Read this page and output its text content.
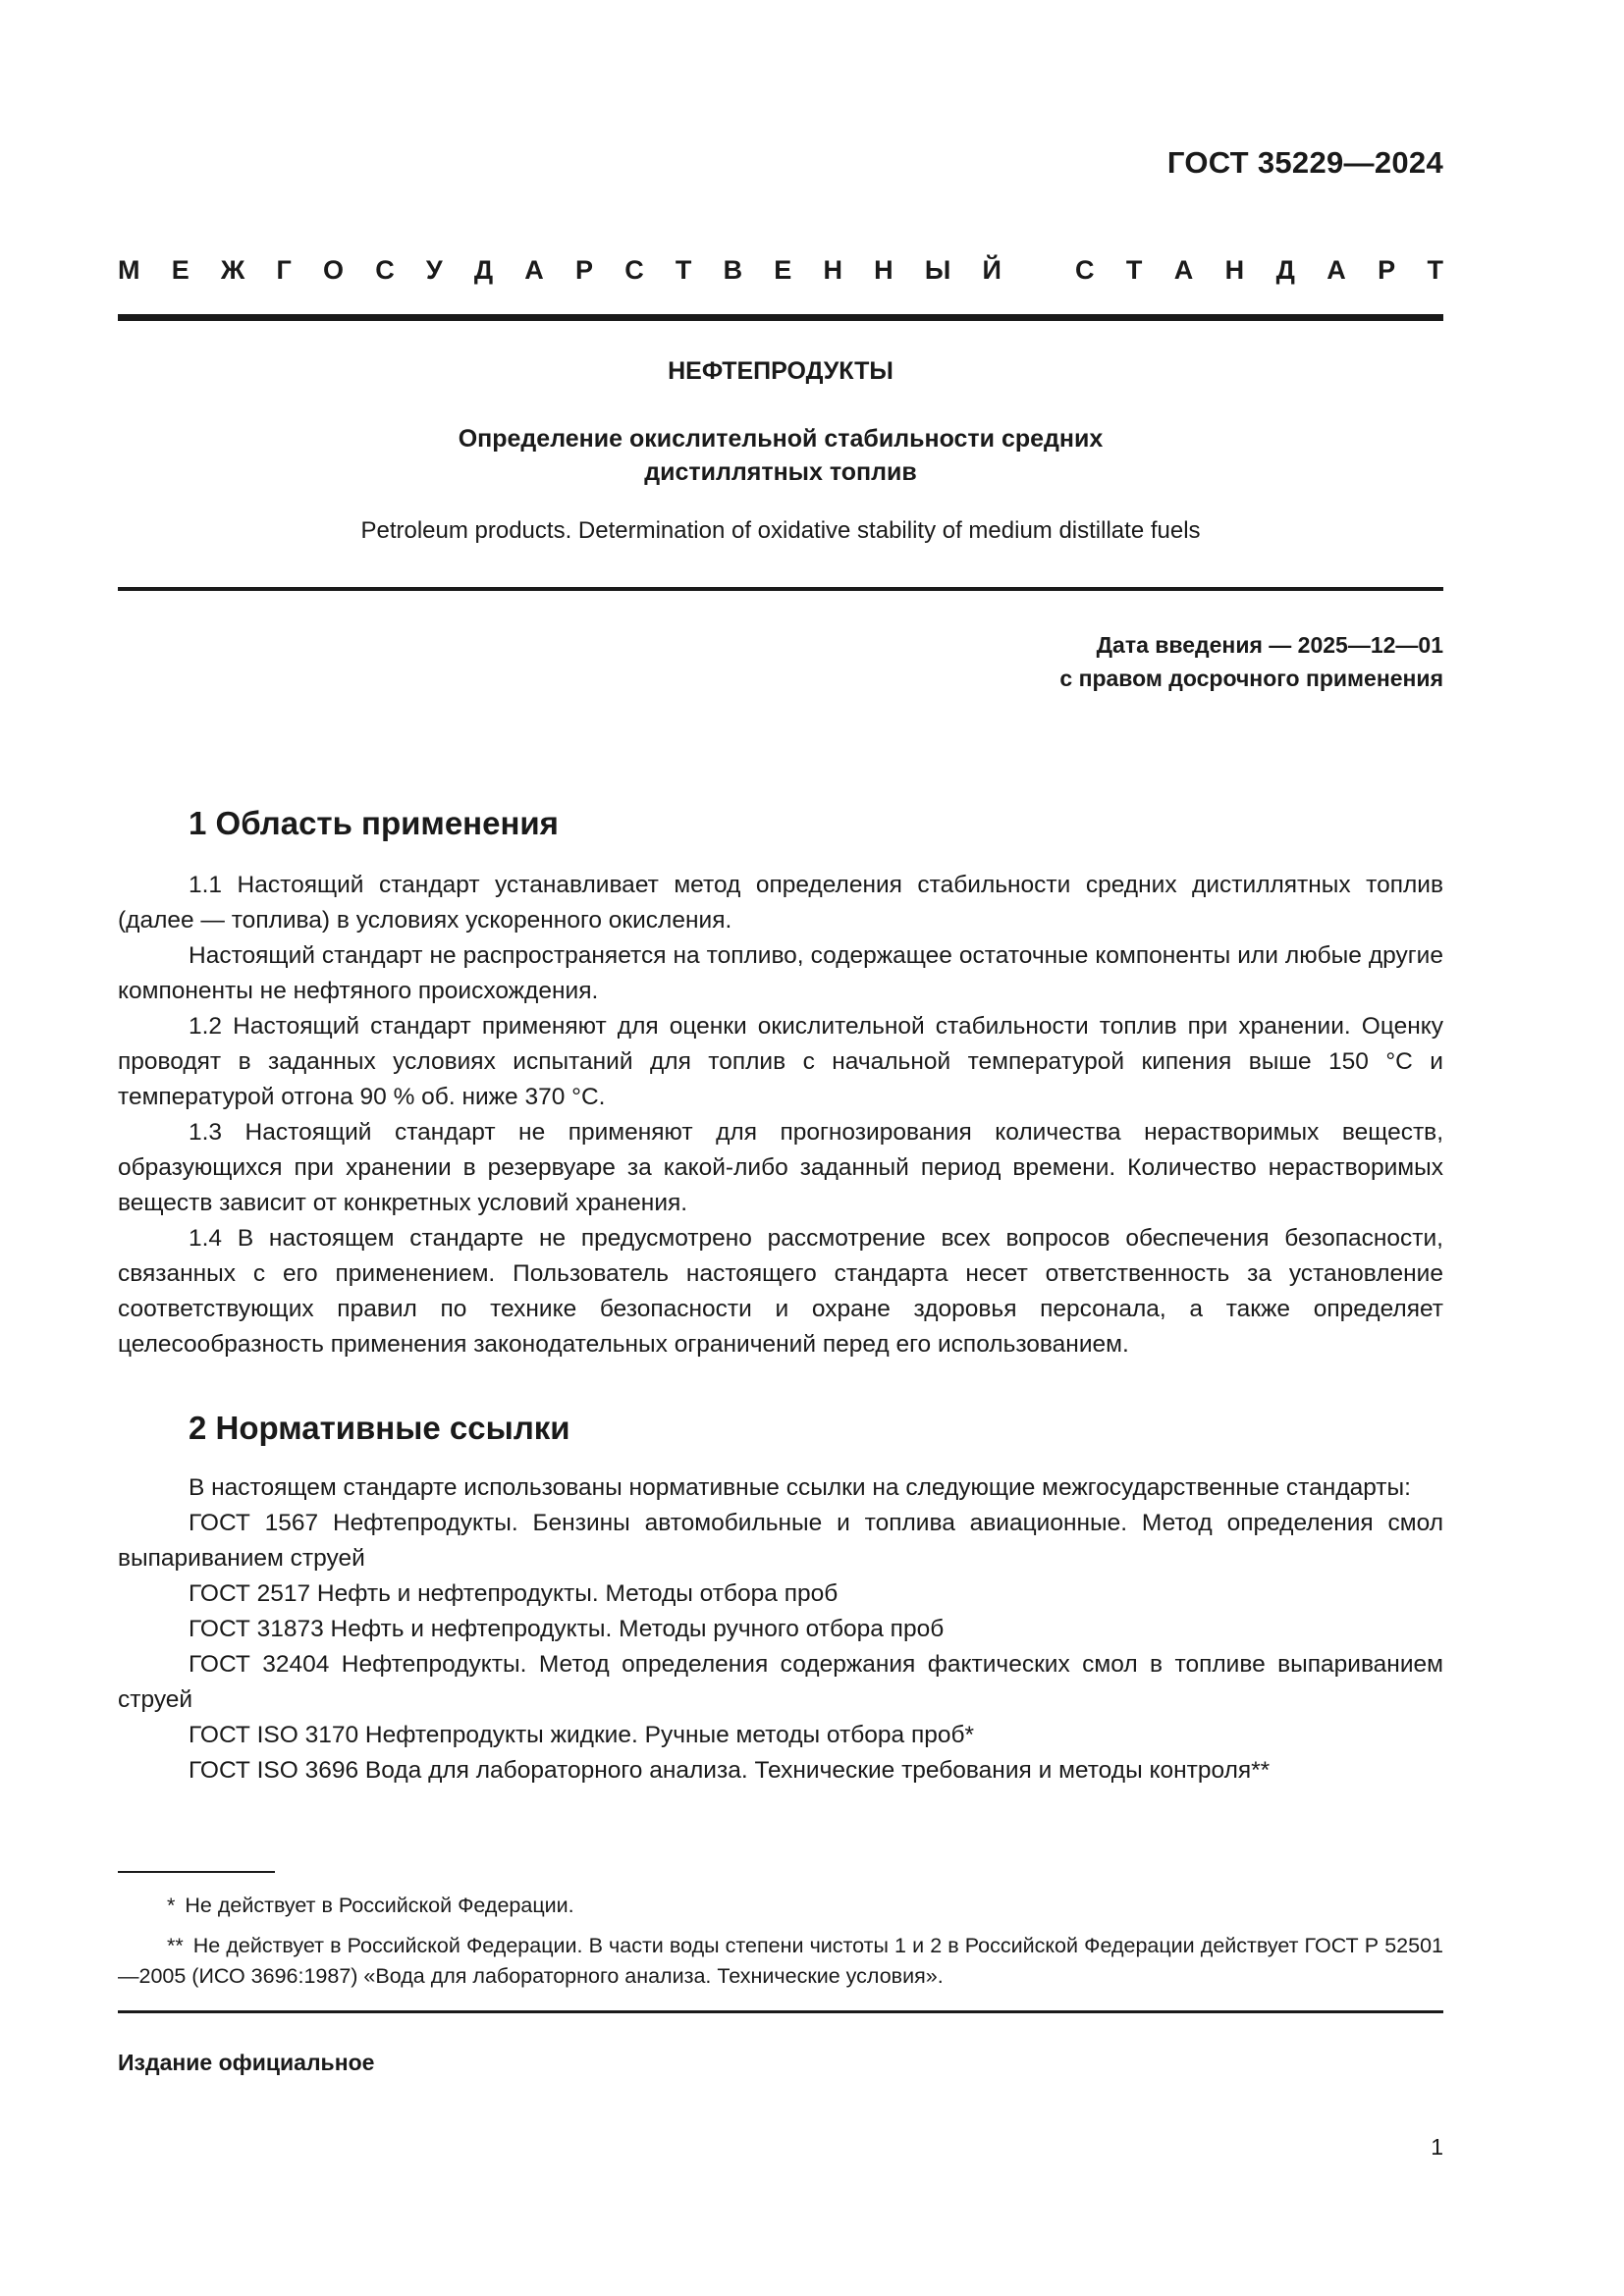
ГОСТ 35229—2024
М Е Ж Г О С У Д А Р С Т В Е Н Н Ы Й	С Т А Н Д А Р Т
НЕФТЕПРОДУКТЫ
Определение окислительной стабильности средних
дистиллятных топлив
Petroleum products. Determination of oxidative stability of medium distillate fuels
Дата введения — 2025—12—01
с правом досрочного применения
1 Область применения

1.1 Настоящий стандарт устанавливает метод определения стабильности средних дистиллятных топлив (далее — топлива) в условиях ускоренного окисления.

Настоящий стандарт не распространяется на топливо, содержащее остаточные компоненты или любые другие компоненты не нефтяного происхождения.

1.2 Настоящий стандарт применяют для оценки окислительной стабильности топлив при хранении. Оценку проводят в заданных условиях испытаний для топлив с начальной температурой кипения выше 150 °C и температурой отгона 90 % об. ниже 370 °C.

1.3 Настоящий стандарт не применяют для прогнозирования количества нерастворимых веществ, образующихся при хранении в резервуаре за какой-либо заданный период времени. Количество нерастворимых веществ зависит от конкретных условий хранения.

1.4 В настоящем стандарте не предусмотрено рассмотрение всех вопросов обеспечения безопасности, связанных с его применением. Пользователь настоящего стандарта несет ответственность за установление соответствующих правил по технике безопасности и охране здоровья персонала, а также определяет целесообразность применения законодательных ограничений перед его использованием.

2 Нормативные ссылки

В настоящем стандарте использованы нормативные ссылки на следующие межгосударственные стандарты:

ГОСТ 1567 Нефтепродукты. Бензины автомобильные и топлива авиационные. Метод определения смол выпариванием струей

ГОСТ 2517 Нефть и нефтепродукты. Методы отбора проб

ГОСТ 31873 Нефть и нефтепродукты. Методы ручного отбора проб

ГОСТ 32404 Нефтепродукты. Метод определения содержания фактических смол в топливе выпариванием струей

ГОСТ ISO 3170 Нефтепродукты жидкие. Ручные методы отбора проб*

ГОСТ ISO 3696 Вода для лабораторного анализа. Технические требования и методы контроля**

* Не действует в Российской Федерации.

** Не действует в Российской Федерации. В части воды степени чистоты 1 и 2 в Российской Федерации действует ГОСТ Р 52501—2005 (ИСО 3696:1987) «Вода для лабораторного анализа. Технические условия».

Издание официальное
1
